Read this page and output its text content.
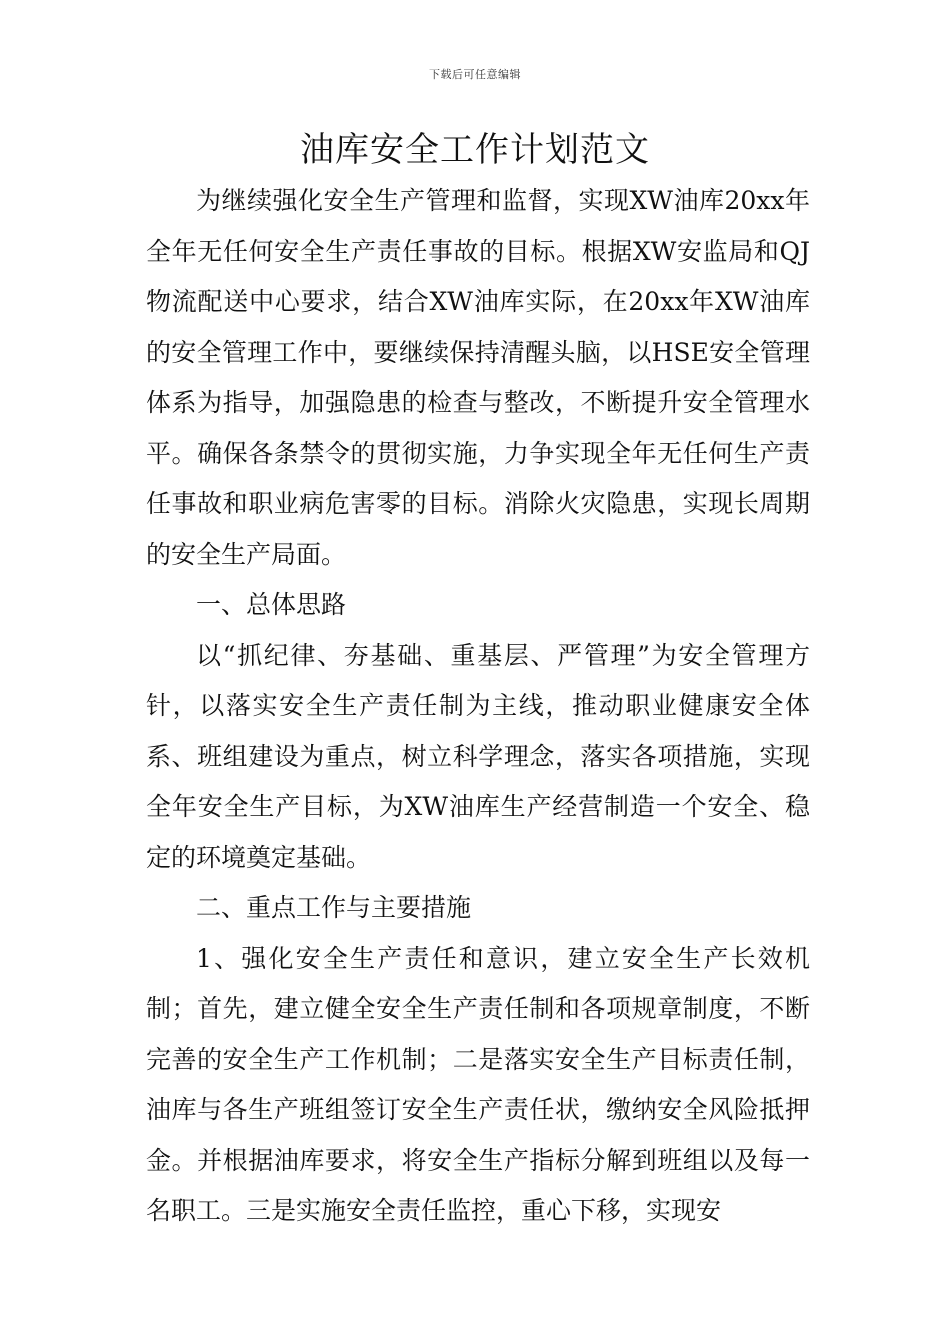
下载后可任意编辑
油库安全工作计划范文

为继续强化安全生产管理和监督，实现XW油库20xx年全年无任何安全生产责任事故的目标。根据XW安监局和QJ物流配送中心要求，结合XW油库实际，在20xx年XW油库的安全管理工作中，要继续保持清醒头脑，以HSE安全管理体系为指导，加强隐患的检查与整改，不断提升安全管理水平。确保各条禁令的贯彻实施，力争实现全年无任何生产责任事故和职业病危害零的目标。消除火灾隐患，实现长周期的安全生产局面。

一、总体思路

以“抓纪律、夯基础、重基层、严管理”为安全管理方针，以落实安全生产责任制为主线，推动职业健康安全体系、班组建设为重点，树立科学理念，落实各项措施，实现全年安全生产目标，为XW油库生产经营制造一个安全、稳定的环境奠定基础。

二、重点工作与主要措施

1、强化安全生产责任和意识，建立安全生产长效机制；首先，建立健全安全生产责任制和各项规章制度，不断完善的安全生产工作机制；二是落实安全生产目标责任制，油库与各生产班组签订安全生产责任状，缴纳安全风险抵押金。并根据油库要求，将安全生产指标分解到班组以及每一名职工。三是实施安全责任监控，重心下移，实现安
